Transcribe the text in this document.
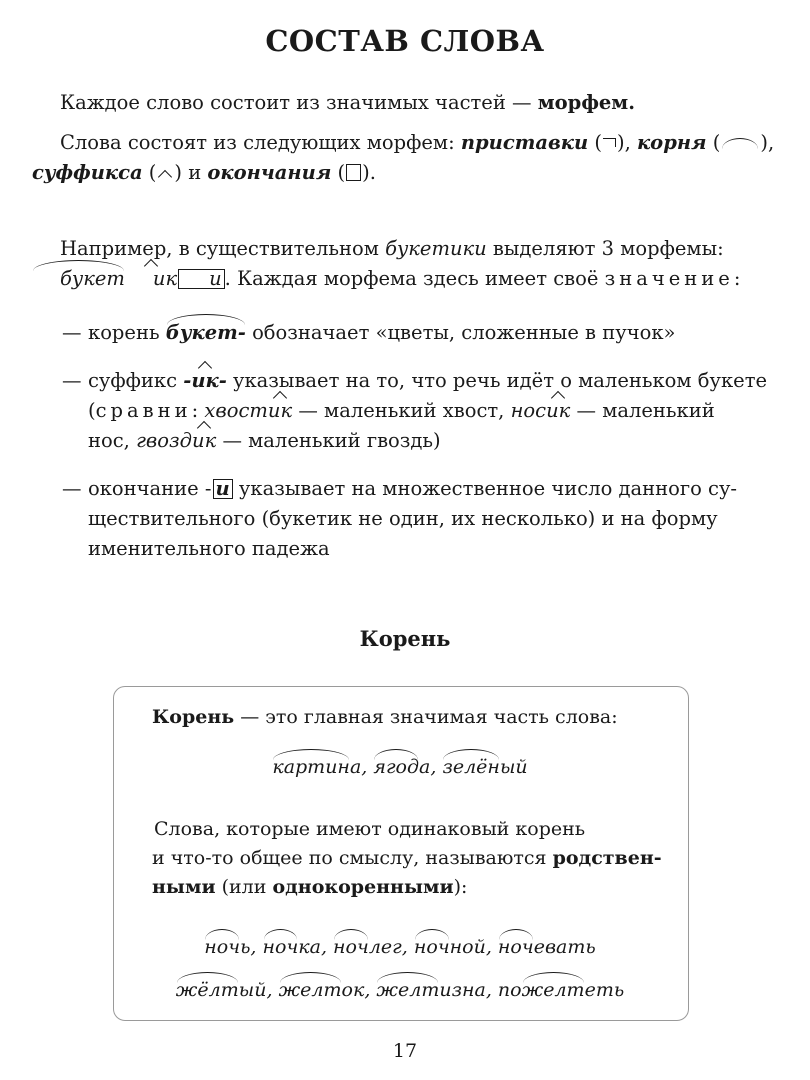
СОСТАВ СЛОВА
Каждое слово состоит из значимых частей — морфем.
Слова состоят из следующих морфем: приставки ( ), корня ( ),
суффикса ( ) и окончания ( ).
Например, в существительном букетики выделяют 3 морфемы:
букет ик и . Каждая морфема здесь имеет своё значение:
— корень букет- обозначает «цветы, сложенные в пучок»
— суффикс -ик- указывает на то, что речь идёт о маленьком букете
(сравни: хвостик — маленький хвост, носик — маленький
нос, гвоздик — маленький гвоздь)
— окончание - и указывает на множественное число данного су-
ществительного (букетик не один, их несколько) и на форму
именительного падежа
Корень
Корень — это главная значимая часть слова:
картина, ягода, зелёный
Слова, которые имеют одинаковый корень
и что-то общее по смыслу, называются родствен-
ными (или однокоренными):
ночь, ночка, ночлег, ночной, ночевать
жёлтый, желток, желтизна, пожелтеть
17
